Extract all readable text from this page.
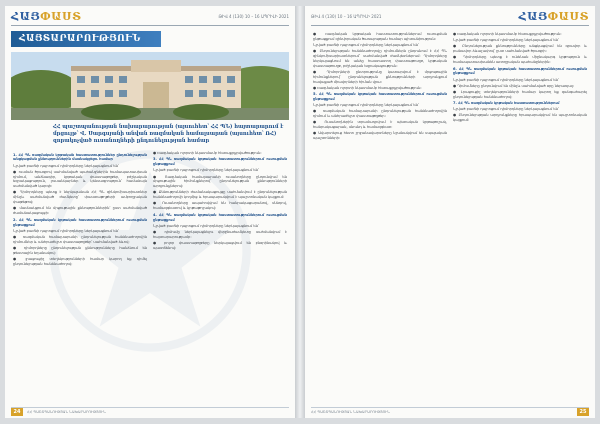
ՀԱՅՓԱՍՏ	ԹԻՎ 4 (130) 10 – 16 ԱՊՐԻԼԻ 2021
ՀԱՅՏԱՐԱՐՈՒԹՅՈՒՆ
ՀՀ պաշտպանության նախարարության (այսուհետ՝ ՀՀ ՊՆ) հայտարարում է մրցույթ՝ Վ. Սարգսյանի անվան ռազմական համալսարան (այսուհետ՝ ՌՀ) զորակոչված ուսանողների ընդունելության համար

1. ՀՀ ՊՆ ռազմական կրթական հաստատություններ ընդունելության անցկացման քննություններին մասնակցելու համար

Նշված բաժնի դպրոցում դիմորդները ներկայացնում են՝

● ուսման ծրագրով սահմանված պահանջներին համապատասխան դիմում, անձնագիր, կրթական փաստաթղթեր, բժշկական եզրակացություն, լուսանկարներ և կենսագրություն՝ համաձայն սահմանված կարգի։

● Դիմորդները պետք է ներկայանան ՀՀ ՊՆ զինկոմիսարիատներ մինչև սահմանված ժամկետը՝ փաստաթղթերի ամբողջական փաթեթով։

● մասնակցում են մրցութային քննություններին՝ ըստ սահմանված ժամանակացույցի։

2. ՀՀ ՊՆ ռազմական կրթական հաստատություններում ուսուցման ընթացքում

Նշված բաժնի դպրոցում դիմորդները ներկայացնում են՝

● ռազմական համալսարանի ընդունելության հանձնաժողովին դիմումներ և անհրաժեշտ փաստաթղթեր՝ սահմանված ձևով։

● դիմորդները ընդունելության քննությունները հանձնում են թեստային եղանակով։

● լրացուցիչ տեղեկությունների համար կարող եք դիմել ընդունելության հանձնաժողով։

● ռազմական ոլորտի նկատմամբ հետաքրքրվածություն։

3. ՀՀ ՊՆ ռազմական կրթական հաստատություններում ուսուցման ընթացքում

Նշված բաժնի դպրոցում դիմորդները ներկայացնում են՝

● Ռազմական համալսարանի ուսանողները ընդունվում են մրցութային հիմունքներով՝ ընդունելության քննությունների արդյունքներով։

● Քննությունների ժամանակացույցը սահմանվում է ընդունելության հանձնաժողովի կողմից և հրապարակվում է պաշտոնական կայքում։

● Ուսանողները ապահովվում են հանրակացարանով, սննդով, համազգեստով և կրթաթոշակով։

4. ՀՀ ՊՆ ռազմական կրթական հաստատություններում ուսուցման ընթացքում

Նշված բաժնի դպրոցում դիմորդները ներկայացնում են՝

● դիմումը ներկայացնելու վերջնաժամկետը սահմանվում է հայտարարությամբ։

● բոլոր փաստաթղթերը ներկայացվում են բնօրինակով և պատճենով։

24	ՀՀ ՊԱՇՏՊԱՆՈՒԹՅԱՆ ՆԱԽԱՐԱՐՈՒԹՅՈՒՆ
ԹԻՎ 4 (130) 10 – 16 ԱՊՐԻԼԻ 2021	ՀԱՅՓԱՍՏ

● ռազմական կրթական հաստատություններում ուսուցման ընթացքում զինվորական ծառայության համար պիտանիություն։

Նշված բաժնի դպրոցում դիմորդները ներկայացնում են՝

● Ընդունելության հանձնաժողովը դիմումներն ընդունում է ՀՀ ՊՆ զինկոմիսարիատներում՝ սահմանված ժամկետներում։ Դիմորդները ներկայացնում են անձը հաստատող փաստաթուղթ, կրթական փաստաթուղթ, բժշկական եզրակացություն։

● Դիմորդների ընտրությունը կատարվում է մրցութային հիմունքներով՝ ընդունելության քննությունների արդյունքում հավաքած միավորների հիման վրա։

● ռազմական ոլորտի նկատմամբ հետաքրքրվածություն։

5. ՀՀ ՊՆ ռազմական կրթական հաստատություններում ուսուցման ընթացքում

Նշված բաժնի դպրոցում դիմորդները ներկայացնում են՝

● ռազմական համալսարանի ընդունելության հանձնաժողովին դիմում և անհրաժեշտ փաստաթղթեր։

● Ուսանողներին տրամադրվում է պետական կրթաթոշակ, հանրակացարան, սնունդ և համազգեստ։

● Ավարտելուց հետո շրջանավարտները նշանակվում են սպայական պաշտոնների։

● ռազմական ոլորտի նկատմամբ հետաքրքրվածություն։

Նշված բաժնի դպրոցում դիմորդները ներկայացնում են՝

● Ընդունելության քննությունները անցկացվում են գրավոր և բանավոր ձևաչափով՝ ըստ սահմանված ծրագրի։

● Դիմորդները պետք է ունենան միջնակարգ կրթություն և համապատասխանեն առողջական պահանջներին։

6. ՀՀ ՊՆ ռազմական կրթական հաստատություններում ուսուցման ընթացքում

Նշված բաժնի դպրոցում դիմորդները ներկայացնում են՝

● Դիմումները ընդունվում են մինչև սահմանված օրը ներառյալ։

● Լրացուցիչ տեղեկությունների համար կարող եք զանգահարել ընդունելության հանձնաժողով։

7. ՀՀ ՊՆ ռազմական կրթական հաստատություններում

Նշված բաժնի դպրոցում դիմորդները ներկայացնում են՝

● Ընդունելության արդյունքները հրապարակվում են պաշտոնական կայքում։

ՀՀ ՊԱՇՏՊԱՆՈՒԹՅԱՆ ՆԱԽԱՐԱՐՈՒԹՅՈՒՆ	25
